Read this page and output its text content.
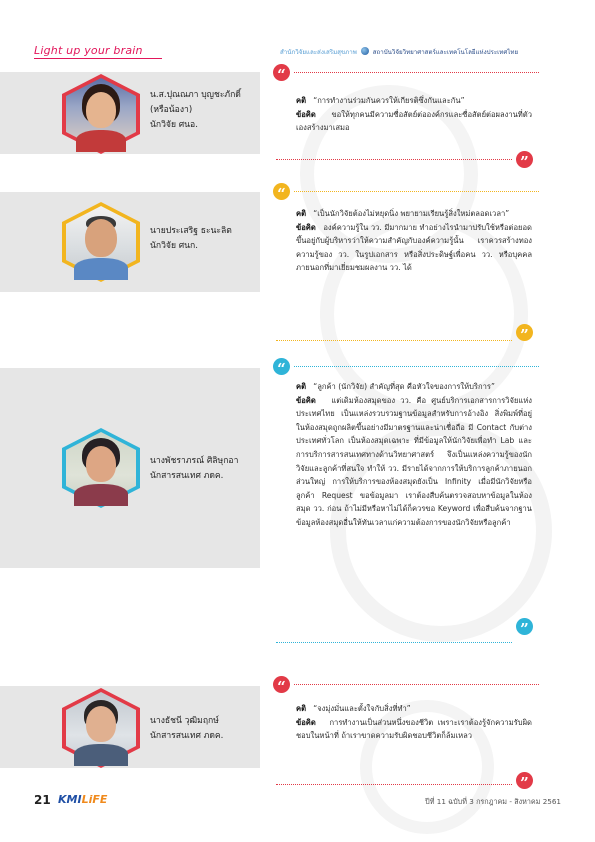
Light up your brain	สำนักวิจัยและส่งเสริมสุขภาพ	สถาบันวิจัยวิทยาศาสตร์และเทคโนโลยีแห่งประเทศไทย
น.ส.ปุณณภา บุญชะภักดิ์
(หรือน้องา)
นักวิจัย ศนอ.
“
คติ “การทำงานร่วมกันควรให้เกียรติซึ่งกันและกัน”
ข้อคิด ขอให้ทุกคนมีความซื่อสัตย์ต่อองค์กรและซื่อสัตย์ต่อผลงานที่ตัวเองสร้างมาเสมอ
”
นายประเสริฐ ธะนะลิต
นักวิจัย ศนก.
“
คติ “เป็นนักวิจัยต้องไม่หยุดนิ่ง พยายามเรียนรู้สิ่งใหม่ตลอดเวลา”
ข้อคิด องค์ความรู้ใน วว. มีมากมาย ทำอย่างไรนำมาปรับใช้หรือต่อยอด ขึ้นอยู่กับผู้บริหารว่าให้ความสำคัญกับองค์ความรู้นั้น เราควรสร้างทองความรู้ของ วว. ในรูปเอกสาร หรือสิ่งประดิษฐ์เพื่อคน วว. หรือบุคคลภายนอกที่มาเยี่ยมชมผลงาน วว. ได้
”
นางพัชราภรณ์ ศิลิษุกอา
นักสารสนเทศ ภดค.
“
คติ “ลูกค้า (นักวิจัย) สำคัญที่สุด คือหัวใจของการให้บริการ”
ข้อคิด แต่เดิมห้องสมุดของ วว. คือ ศูนย์บริการเอกสารการวิจัยแห่งประเทศไทย เป็นแหล่งรวบรวมฐานข้อมูลสำหรับการอ้างอิง สิ่งพิมพ์ที่อยู่ในห้องสมุดถูกผลิตขึ้นอย่างมีมาตรฐานและน่าเชื่อถือ มี Contact กับต่างประเทศทั่วโลก เป็นห้องสมุดเฉพาะ ที่มีข้อมูลให้นักวิจัยเพื่อทำ Lab และการบริการสารสนเทศทางด้านวิทยาศาสตร์ จึงเป็นแหล่งความรู้ของนักวิจัยและลูกค้าที่สนใจ ทำให้ วว. มีรายได้จากการให้บริการลูกค้าภายนอกส่วนใหญ่ การให้บริการของห้องสมุดยังเป็น Infinity เมื่อมีนักวิจัยหรือลูกค้า Request ขอข้อมูลมา เราต้องสืบค้นตรวจสอบหาข้อมูลในห้องสมุด วว. ก่อน ถ้าไม่มีหรือหาไม่ได้ก็ควรขอ Keyword เพื่อสืบค้นจากฐานข้อมูลห้องสมุดอื่นให้ทันเวลาแก่ความต้องการของนักวิจัยหรือลูกค้า
”
นางธัชนี วุฒิมฤกษ์
นักสารสนเทศ ภดค.
“
คติ “จงมุ่งมั่นและตั้งใจกับสิ่งที่ทำ”
ข้อคิด การทำงานเป็นส่วนหนึ่งของชีวิต เพราะเราต้องรู้จักความรับผิดชอบในหน้าที่ ถ้าเราขาดความรับผิดชอบชีวิตก็ล้มเหลว
”
21 KMILiFE	ปีที่ 11 ฉบับที่ 3 กรกฎาคม - สิงหาคม 2561
